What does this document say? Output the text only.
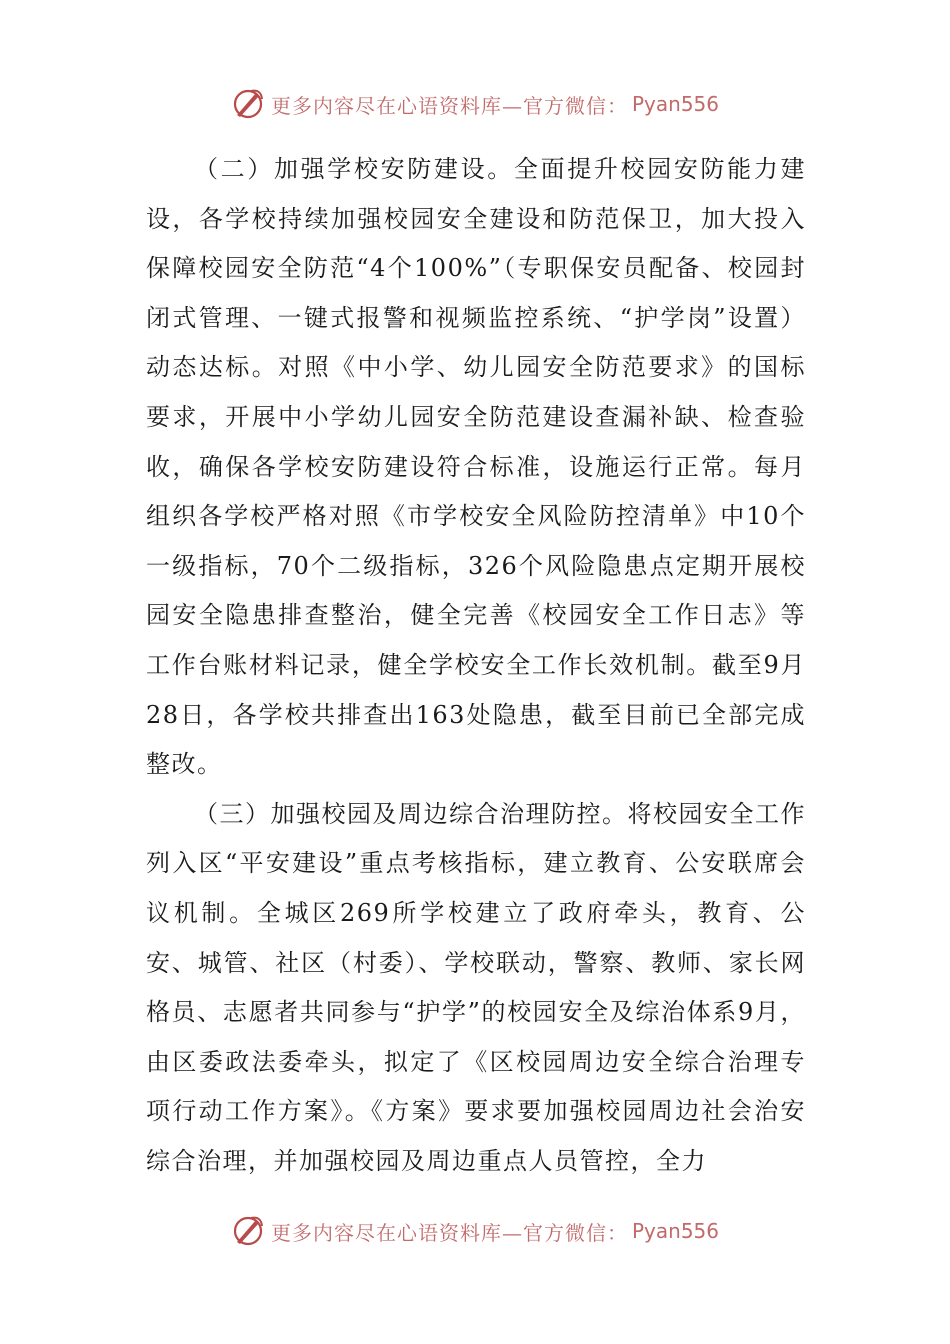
更多内容尽在心语资料库—官方微信： Pyan556

（二）加强学校安防建设。全面提升校园安防能力建设，各学校持续加强校园安全建设和防范保卫，加大投入保障校园安全防范“4个100%”（专职保安员配备、校园封闭式管理、一键式报警和视频监控系统、“护学岗”设置）动态达标。对照《中小学、幼儿园安全防范要求》的国标要求，开展中小学幼儿园安全防范建设查漏补缺、检查验收，确保各学校安防建设符合标准，设施运行正常。每月组织各学校严格对照《市学校安全风险防控清单》中10个一级指标，70个二级指标，326个风险隐患点定期开展校园安全隐患排查整治，健全完善《校园安全工作日志》等工作台账材料记录，健全学校安全工作长效机制。截至9月28日，各学校共排查出163处隐患，截至目前已全部完成整改。

（三）加强校园及周边综合治理防控。将校园安全工作列入区“平安建设”重点考核指标，建立教育、公安联席会议机制。全城区269所学校建立了政府牵头，教育、公安、城管、社区（村委）、学校联动，警察、教师、家长网格员、志愿者共同参与“护学”的校园安全及综治体系9月，由区委政法委牵头，拟定了《区校园周边安全综合治理专项行动工作方案》。《方案》要求要加强校园周边社会治安综合治理，并加强校园及周边重点人员管控，全力

更多内容尽在心语资料库—官方微信： Pyan556
